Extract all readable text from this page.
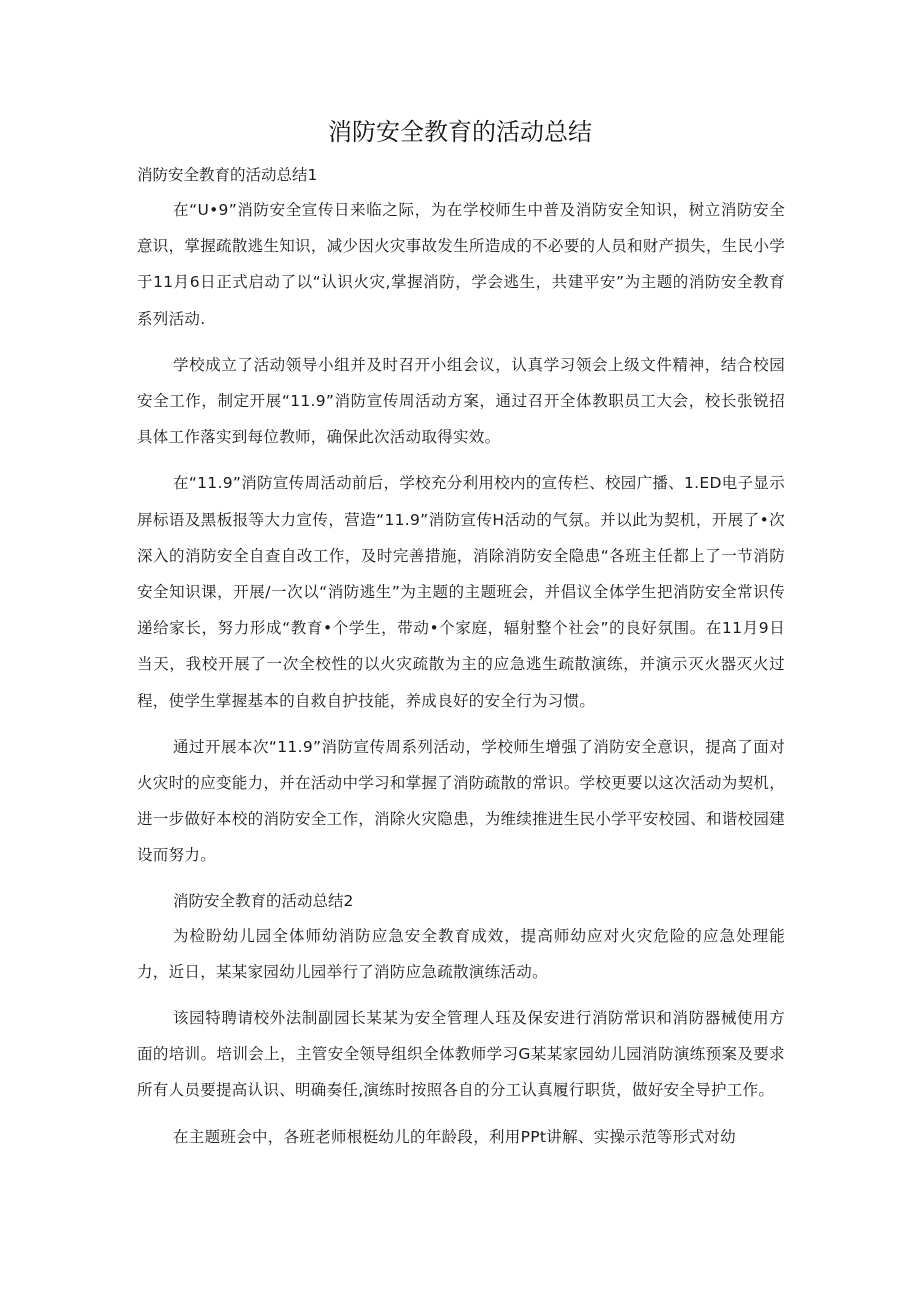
消防安全教育的活动总结

消防安全教育的活动总结1

在“U•9”消防安全宣传日来临之际，为在学校师生中普及消防安全知识，树立消防安全意识，掌握疏散逃生知识，减少因火灾事故发生所造成的不必要的人员和财产损失，生民小学于11月6日正式启动了以“认识火灾,掌握消防，学会逃生，共建平安”为主题的消防安全教育系列活动.

学校成立了活动领导小组并及时召开小组会议，认真学习领会上级文件精神，结合校园安全工作，制定开展“11.9”消防宣传周活动方案，通过召开全体教职员工大会，校长张锐招具体工作落实到每位教师，确保此次活动取得实效。

在“11.9”消防宣传周活动前后，学校充分利用校内的宣传栏、校园广播、1.ED电子显示屏标语及黑板报等大力宣传，营造“11.9”消防宣传H活动的气氛。并以此为契机，开展了•次深入的消防安全自查自改工作，及时完善措施，消除消防安全隐患“各班主任都上了一节消防安全知识课，开展/一次以“消防逃生”为主题的主题班会，并倡议全体学生把消防安全常识传递给家长，努力形成“教育•个学生，带动•个家庭，辐射整个社会”的良好氛围。在11月9日当天，我校开展了一次全校性的以火灾疏散为主的应急逃生疏散演练，并演示灭火器灭火过程，使学生掌握基本的自救自护技能，养成良好的安全行为习惯。

通过开展本次“11.9”消防宣传周系列活动，学校师生增强了消防安全意识，提高了面对火灾时的应变能力，并在活动中学习和掌握了消防疏散的常识。学校更要以这次活动为契机，进一步做好本校的消防安全工作，消除火灾隐患，为维续推进生民小学平安校园、和谐校园建设而努力。

消防安全教育的活动总结2

为检盼幼儿园全体师幼消防应急安全教育成效，提高师幼应对火灾危险的应急处理能力，近日，某某家园幼儿园举行了消防应急疏散演练活动。

该园特聘请校外法制副园长某某为安全管理人珏及保安进行消防常识和消防器械使用方面的培训。培训会上，主管安全领导组织全体教师学习G某某家园幼儿园消防演练预案及要求所有人员要提高认识、明确奏任,演练时按照各自的分工认真履行职货，做好安全导护工作。

在主题班会中，各班老师根梃幼儿的年龄段，利用PPt讲解、实操示范等形式对幼
